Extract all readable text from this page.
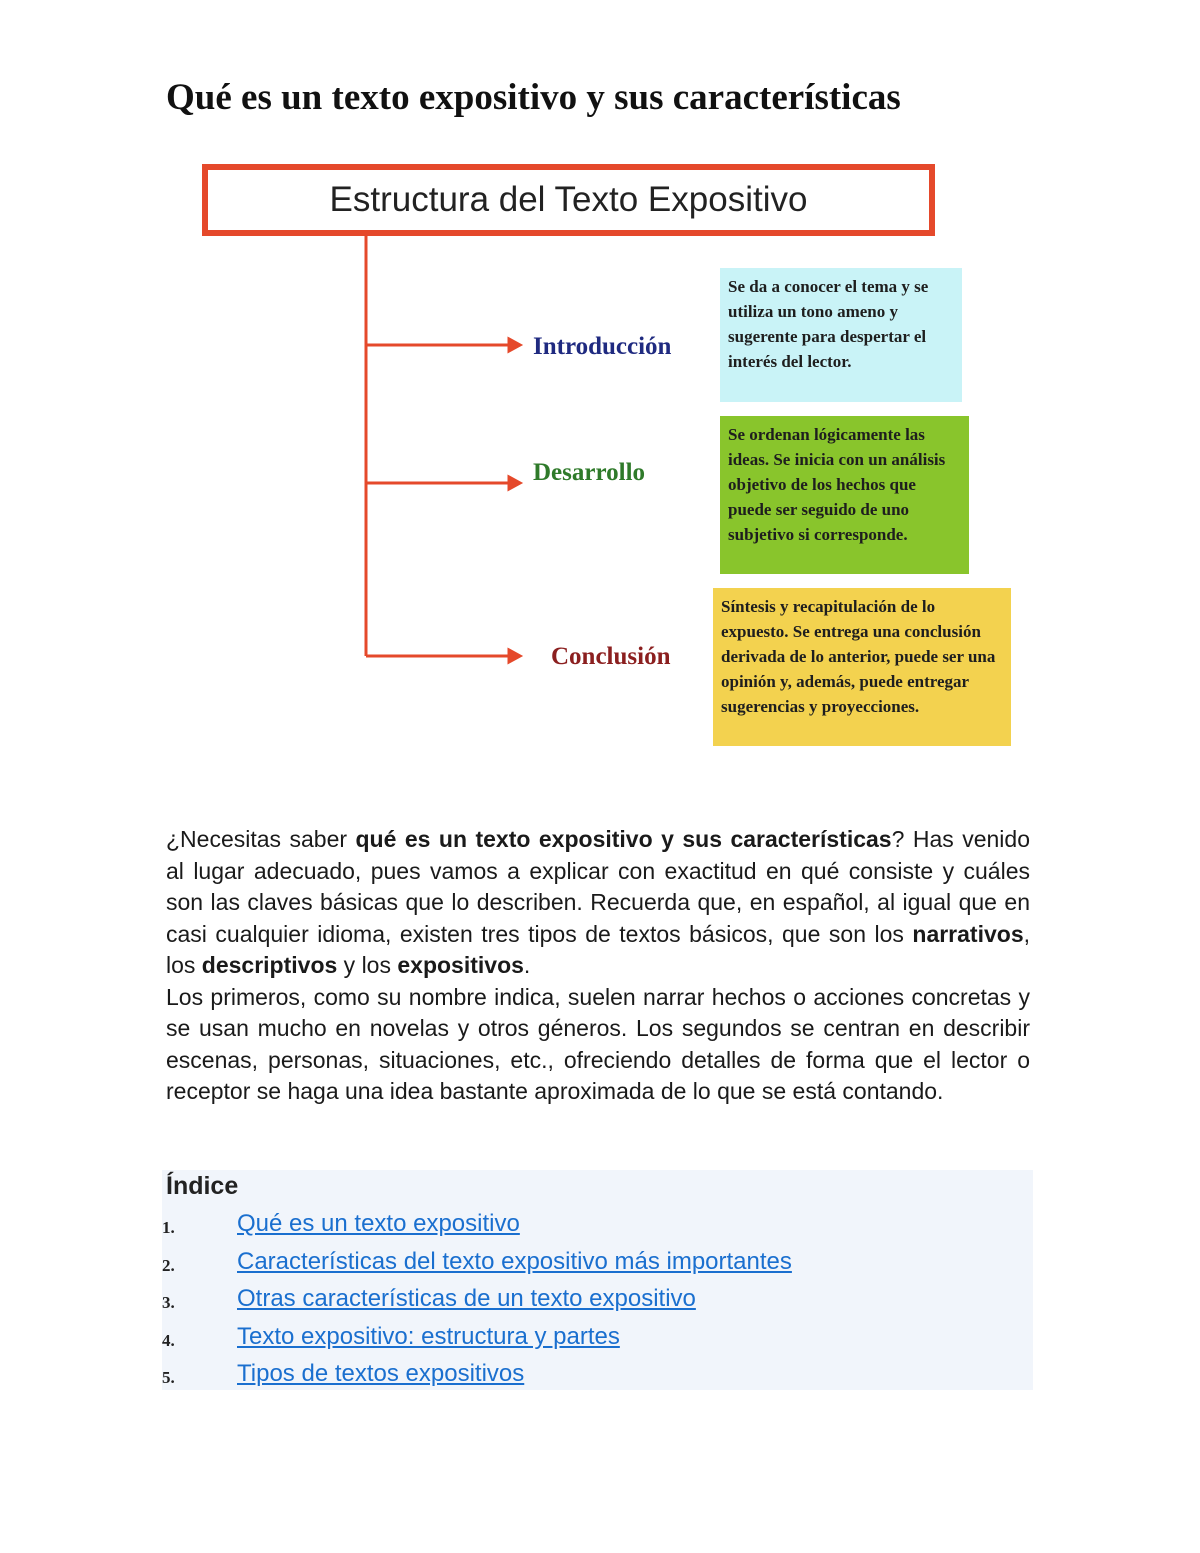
Qué es un texto expositivo y sus características
Estructura del Texto Expositivo
Introducción
Desarrollo
Conclusión
Se da a conocer el tema y se utiliza un tono ameno y sugerente para despertar el interés del lector.
Se ordenan lógicamente las ideas. Se inicia con un análisis objetivo de los hechos que puede ser seguido de uno subjetivo si corresponde.
Síntesis y recapitulación de lo expuesto. Se entrega una conclusión derivada de lo anterior, puede ser una opinión y, además, puede entregar sugerencias y proyecciones.

¿Necesitas saber qué es un texto expositivo y sus características? Has venido al lugar adecuado, pues vamos a explicar con exactitud en qué consiste y cuáles son las claves básicas que lo describen. Recuerda que, en español, al igual que en casi cualquier idioma, existen tres tipos de textos básicos, que son los narrativos, los descriptivos y los expositivos.

Los primeros, como su nombre indica, suelen narrar hechos o acciones concretas y se usan mucho en novelas y otros géneros. Los segundos se centran en describir escenas, personas, situaciones, etc., ofreciendo detalles de forma que el lector o receptor se haga una idea bastante aproximada de lo que se está contando.

Índice
1.	Qué es un texto expositivo
2.	Características del texto expositivo más importantes
3.	Otras características de un texto expositivo
4.	Texto expositivo: estructura y partes
5.	Tipos de textos expositivos
